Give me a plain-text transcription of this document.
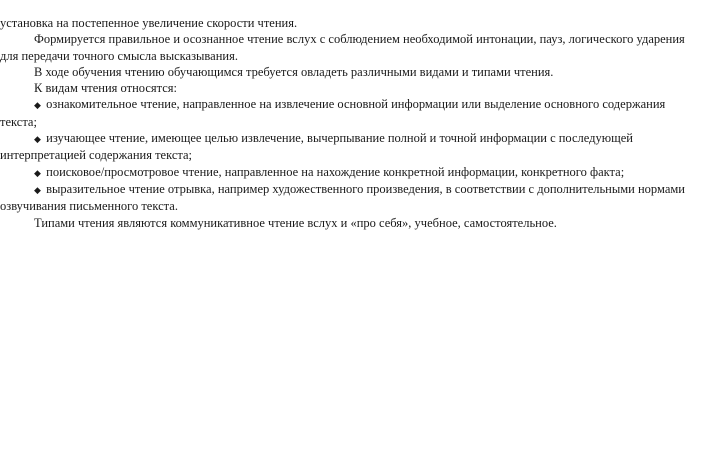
установка на постепенное увеличение скорости чтения.

Формируется правильное и осознанное чтение вслух с соблюдением необходимой интонации, пауз, логического ударения для передачи точного смысла высказывания.

В ходе обучения чтению обучающимся требуется овладеть различными видами и типами чтения.

К видам чтения относятся:

◆ ознакомительное чтение, направленное на извлечение основной информации или выделение основного содержания текста;

◆ изучающее чтение, имеющее целью извлечение, вычерпывание полной и точной информации с последующей интерпретацией содержания текста;

◆ поисковое/просмотровое чтение, направленное на нахождение конкретной информации, конкретного факта;

◆ выразительное чтение отрывка, например художественного произведения, в соответствии с дополнительными нормами озвучивания письменного текста.

Типами чтения являются коммуникативное чтение вслух и «про себя», учебное, самостоятельное.
